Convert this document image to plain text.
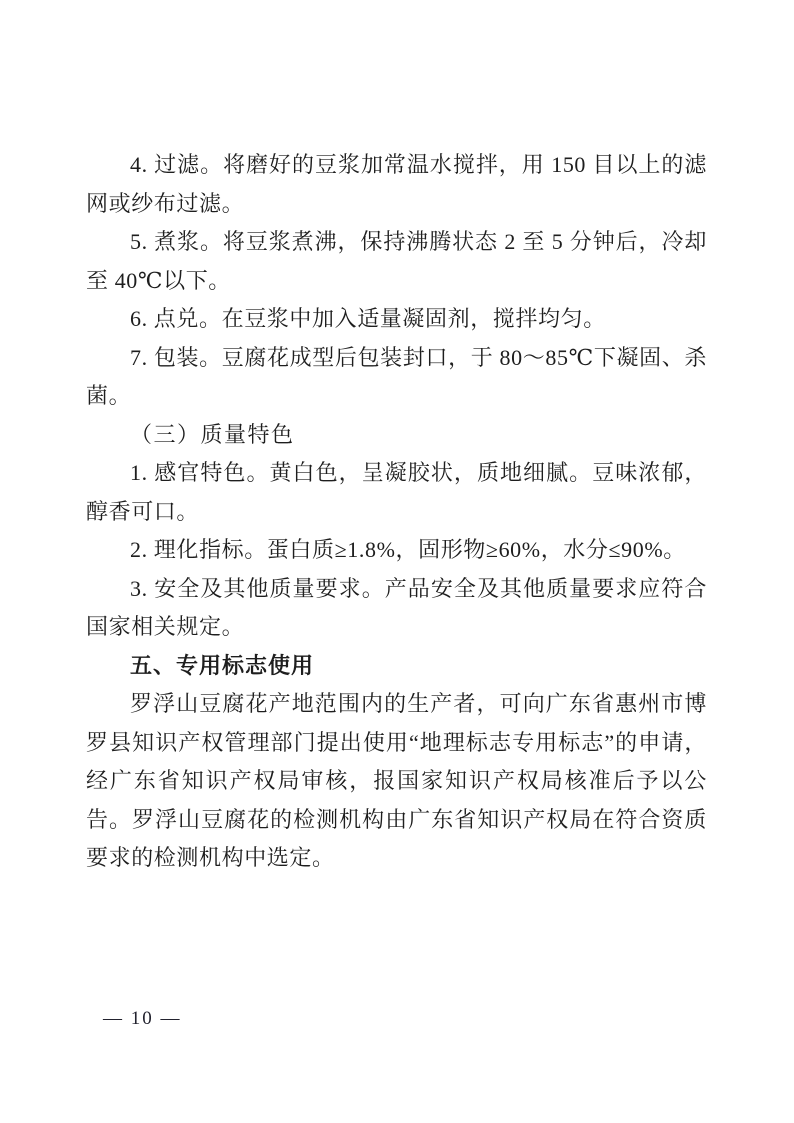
4. 过滤。将磨好的豆浆加常温水搅拌，用 150 目以上的滤网或纱布过滤。

5. 煮浆。将豆浆煮沸，保持沸腾状态 2 至 5 分钟后，冷却至 40℃以下。

6. 点兑。在豆浆中加入适量凝固剂，搅拌均匀。

7. 包装。豆腐花成型后包装封口，于 80～85℃下凝固、杀菌。

（三）质量特色

1. 感官特色。黄白色，呈凝胶状，质地细腻。豆味浓郁，醇香可口。

2. 理化指标。蛋白质≥1.8%，固形物≥60%，水分≤90%。

3. 安全及其他质量要求。产品安全及其他质量要求应符合国家相关规定。

五、专用标志使用

罗浮山豆腐花产地范围内的生产者，可向广东省惠州市博罗县知识产权管理部门提出使用“地理标志专用标志”的申请，经广东省知识产权局审核，报国家知识产权局核准后予以公告。罗浮山豆腐花的检测机构由广东省知识产权局在符合资质要求的检测机构中选定。

— 10 —
